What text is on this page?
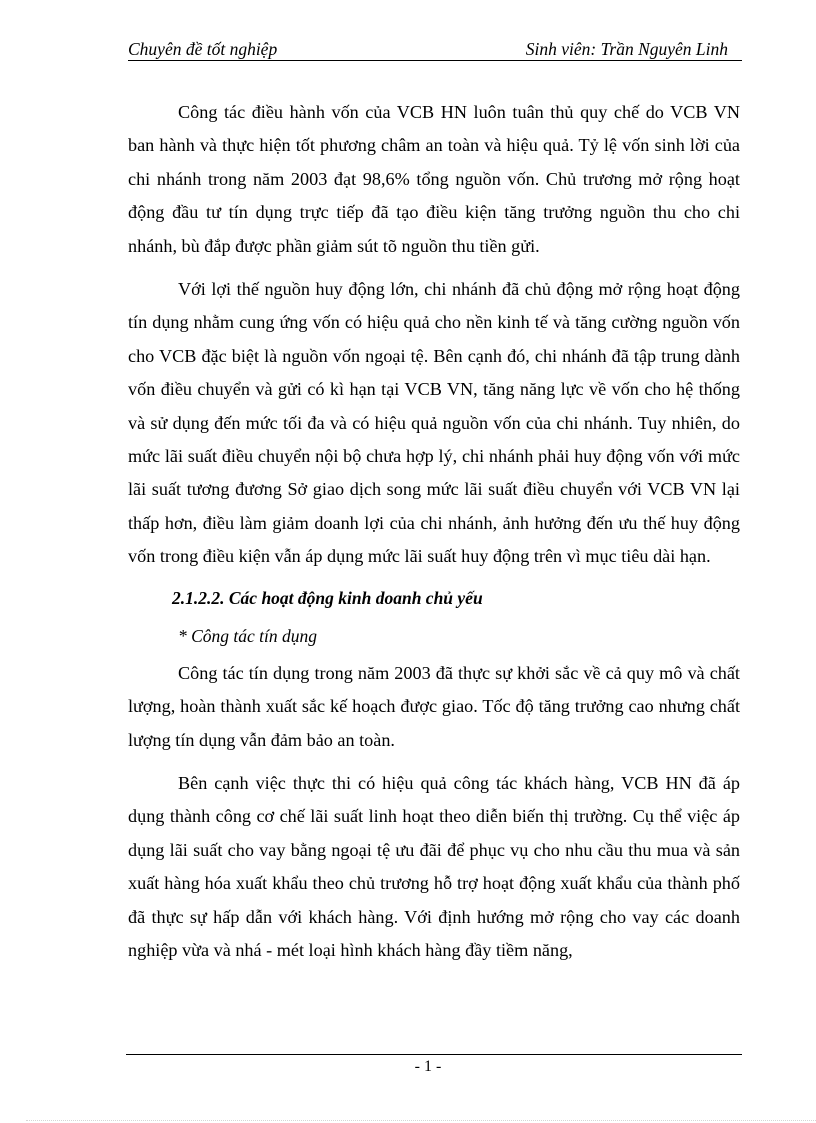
Chuyên đề tốt nghiệp	Sinh viên: Trần Nguyên Linh

Công tác điều hành vốn của VCB HN luôn tuân thủ quy chế do VCB VN ban hành và thực hiện tốt phương châm an toàn và hiệu quả. Tỷ lệ vốn sinh lời của chi nhánh trong năm 2003 đạt 98,6% tổng nguồn vốn. Chủ trương mở rộng hoạt động đầu tư tín dụng trực tiếp đã tạo điều kiện tăng trưởng nguồn thu cho chi nhánh, bù đắp được phần giảm sút tõ nguồn thu tiền gửi.

Với lợi thế nguồn huy động lớn, chi nhánh đã chủ động mở rộng hoạt động tín dụng nhằm cung ứng vốn có hiệu quả cho nền kinh tế và tăng cường nguồn vốn cho VCB đặc biệt là nguồn vốn ngoại tệ. Bên cạnh đó, chi nhánh đã tập trung dành vốn điều chuyển và gửi có kì hạn tại VCB VN, tăng năng lực về vốn cho hệ thống và sử dụng đến mức tối đa và có hiệu quả nguồn vốn của chi nhánh. Tuy nhiên, do mức lãi suất điều chuyển nội bộ chưa hợp lý, chi nhánh phải huy động vốn với mức lãi suất tương đương Sở giao dịch song mức lãi suất điều chuyển với VCB VN lại thấp hơn, điều làm giảm doanh lợi của chi nhánh, ảnh hưởng đến ưu thế huy động vốn trong điều kiện vẫn áp dụng mức lãi suất huy động trên vì mục tiêu dài hạn.

2.1.2.2. Các hoạt động kinh doanh chủ yếu
* Công tác tín dụng

Công tác tín dụng trong năm 2003 đã thực sự khởi sắc về cả quy mô và chất lượng, hoàn thành xuất sắc kế hoạch được giao. Tốc độ tăng trưởng cao nhưng chất lượng tín dụng vẫn đảm bảo an toàn.

Bên cạnh việc thực thi có hiệu quả công tác khách hàng, VCB HN đã áp dụng thành công cơ chế lãi suất linh hoạt theo diễn biến thị trường. Cụ thể việc áp dụng lãi suất cho vay bằng ngoại tệ ưu đãi để phục vụ cho nhu cầu thu mua và sản xuất hàng hóa xuất khẩu theo chủ trương hỗ trợ hoạt động xuất khẩu của thành phố đã thực sự hấp dẫn với khách hàng. Với định hướng mở rộng cho vay các doanh nghiệp vừa và nhá - mét loại hình khách hàng đầy tiềm năng,

- 1 -
